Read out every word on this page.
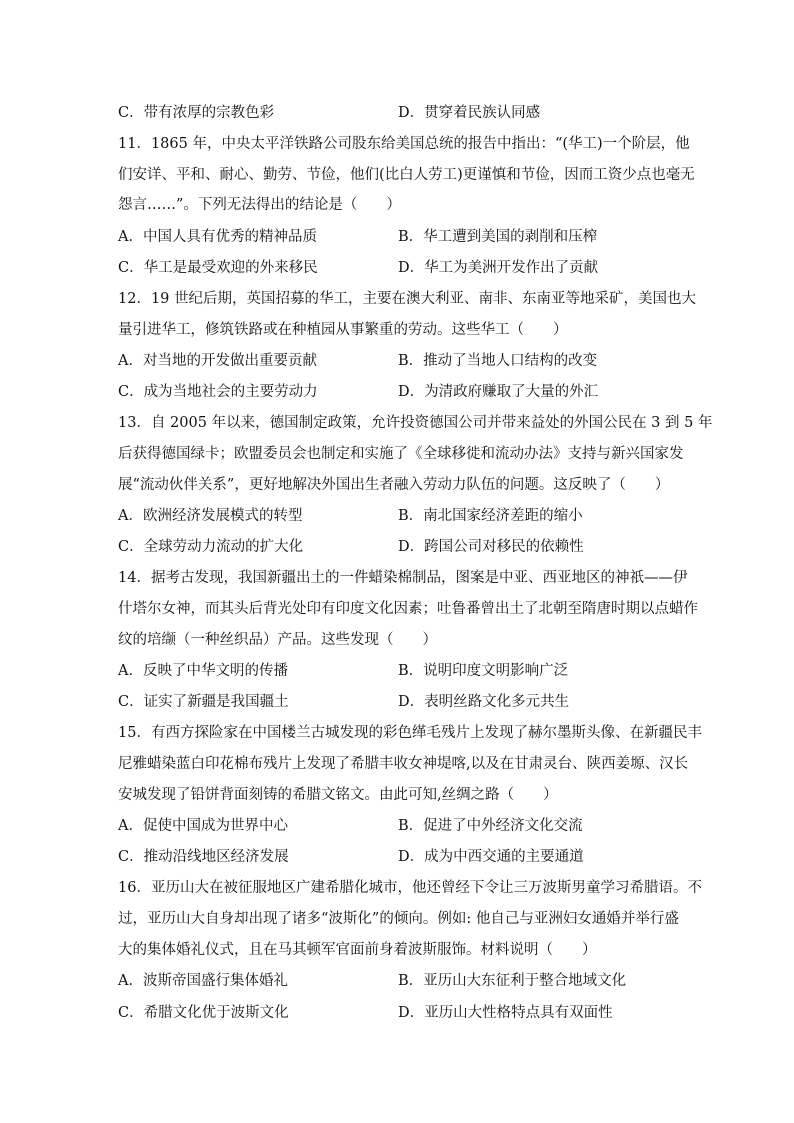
C．带有浓厚的宗教色彩	D．贯穿着民族认同感
11．1865 年，中央太平洋铁路公司股东给美国总统的报告中指出：“(华工)一个阶层，他
们安详、平和、耐心、勤劳、节俭，他们(比白人劳工)更谨慎和节俭，因而工资少点也毫无
怨言……”。下列无法得出的结论是（　　）
A．中国人具有优秀的精神品质	B．华工遭到美国的剥削和压榨
C．华工是最受欢迎的外来移民	D．华工为美洲开发作出了贡献
12．19 世纪后期，英国招募的华工，主要在澳大利亚、南非、东南亚等地采矿，美国也大
量引进华工，修筑铁路或在种植园从事繁重的劳动。这些华工（　　）
A．对当地的开发做出重要贡献	B．推动了当地人口结构的改变
C．成为当地社会的主要劳动力	D．为清政府赚取了大量的外汇
13．自 2005 年以来，德国制定政策，允许投资德国公司并带来益处的外国公民在 3 到 5 年
后获得德国绿卡；欧盟委员会也制定和实施了《全球移徙和流动办法》支持与新兴国家发
展“流动伙伴关系”，更好地解决外国出生者融入劳动力队伍的问题。这反映了（　　）
A．欧洲经济发展模式的转型	B．南北国家经济差距的缩小
C．全球劳动力流动的扩大化	D．跨国公司对移民的依赖性
14．据考古发现，我国新疆出土的一件蜡染棉制品，图案是中亚、西亚地区的神祇——伊
什塔尔女神，而其头后背光处印有印度文化因素；吐鲁番曾出土了北朝至隋唐时期以点蜡作
纹的培缬（一种丝织品）产品。这些发现（　　）
A．反映了中华文明的传播	B．说明印度文明影响广泛
C．证实了新疆是我国疆土	D．表明丝路文化多元共生
15．有西方探险家在中国楼兰古城发现的彩色缂毛残片上发现了赫尔墨斯头像、在新疆民丰
尼雅蜡染蓝白印花棉布残片上发现了希腊丰收女神堤喀,以及在甘肃灵台、陕西姜塬、汉长
安城发现了铅饼背面刻铸的希腊文铭文。由此可知,丝绸之路（　　）
A．促使中国成为世界中心	B．促进了中外经济文化交流
C．推动沿线地区经济发展	D．成为中西交通的主要通道
16．亚历山大在被征服地区广建希腊化城市，他还曾经下令让三万波斯男童学习希腊语。不
过，亚历山大自身却出现了诸多“波斯化”的倾向。例如: 他自己与亚洲妇女通婚并举行盛
大的集体婚礼仪式，且在马其顿军官面前身着波斯服饰。材料说明（　　）
A．波斯帝国盛行集体婚礼	B．亚历山大东征利于整合地域文化
C．希腊文化优于波斯文化	D．亚历山大性格特点具有双面性
